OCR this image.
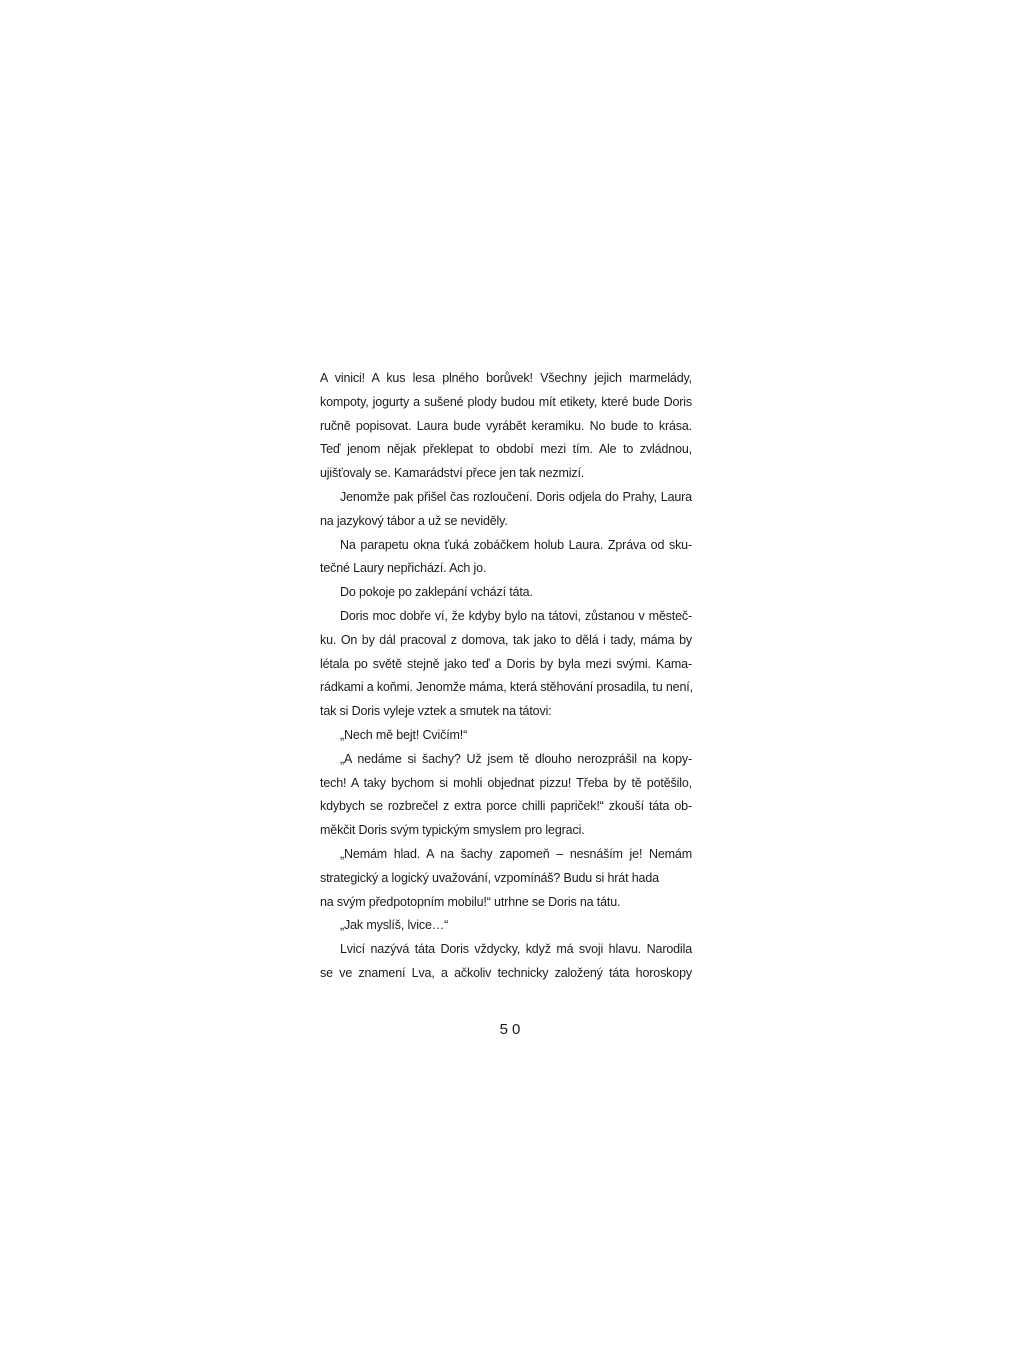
A vinici! A kus lesa plného borůvek! Všechny jejich marmelády,
kompoty, jogurty a sušené plody budou mít etikety, které bude Doris
ručně popisovat. Laura bude vyrábět keramiku. No bude to krása.
Teď jenom nějak překlepat to období mezi tím. Ale to zvládnou,
ujišťovaly se. Kamarádství přece jen tak nezmizí.
Jenomže pak přišel čas rozloučení. Doris odjela do Prahy, Laura
na jazykový tábor a už se neviděly.
Na parapetu okna ťuká zobáčkem holub Laura. Zpráva od sku-
tečné Laury nepřichází. Ach jo.
Do pokoje po zaklepání vchází táta.
Doris moc dobře ví, že kdyby bylo na tátovi, zůstanou v městeč-
ku. On by dál pracoval z domova, tak jako to dělá i tady, máma by
létala po světě stejně jako teď a Doris by byla mezi svými. Kama-
rádkami a koňmi. Jenomže máma, která stěhování prosadila, tu není,
tak si Doris vyleje vztek a smutek na tátovi:
„Nech mě bejt! Cvičím!“
„A nedáme si šachy? Už jsem tě dlouho nerozprášil na kopy-
tech! A taky bychom si mohli objednat pizzu! Třeba by tě potěšilo,
kdybych se rozbrečel z extra porce chilli papriček!“ zkouší táta ob-
měkčit Doris svým typickým smyslem pro legraci.
„Nemám hlad. A na šachy zapomeň – nesnáším je! Nemám
strategický a logický uvažování, vzpomínáš? Budu si hrát hada
na svým předpotopním mobilu!“ utrhne se Doris na tátu.
„Jak myslíš, lvice…“
Lvicí nazývá táta Doris vždycky, když má svoji hlavu. Narodila
se ve znamení Lva, a ačkoliv technicky založený táta horoskopy
50
